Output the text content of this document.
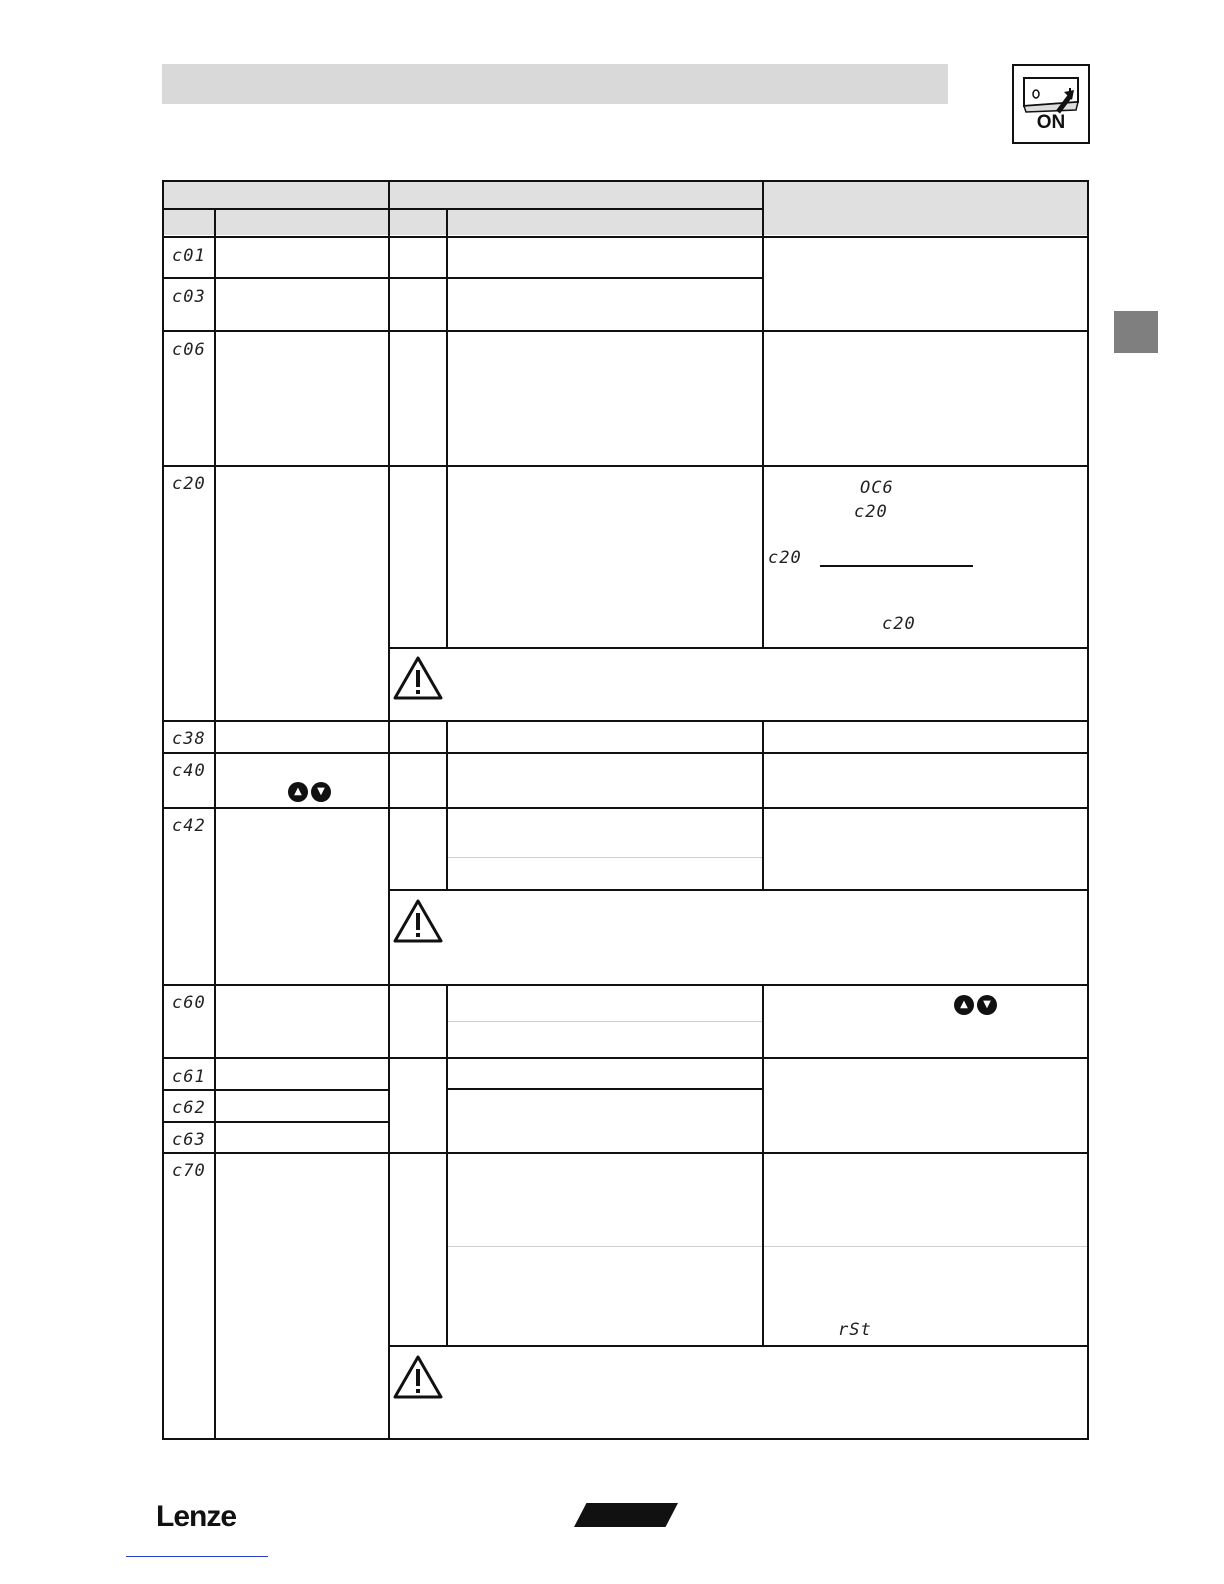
ON
c01
c03
c06
c20
c38
c40
c42
c60
c61
c62
c63
c70
OC6
c20
c20
c20
rSt
▲	▼
▲	▼
Lenze
